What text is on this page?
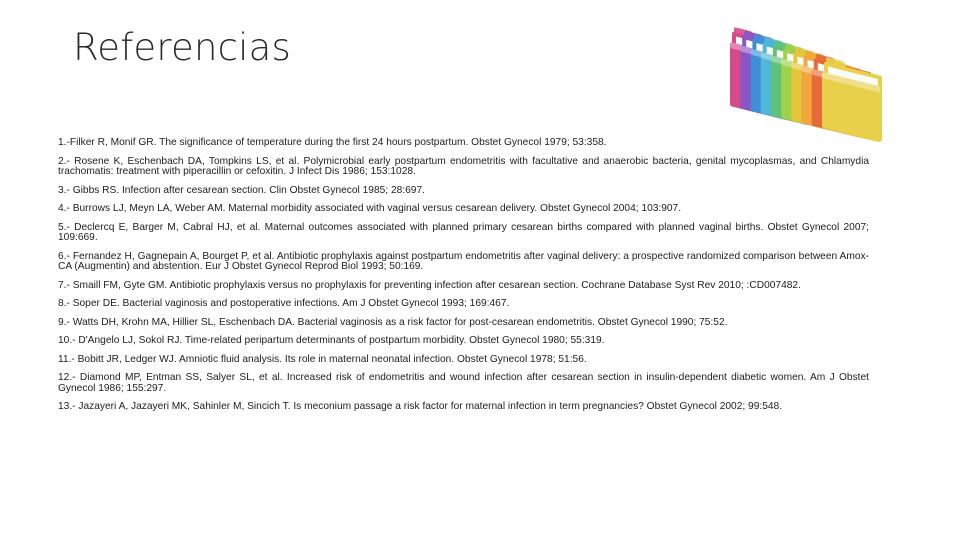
Referencias
1.-Filker R, Monif GR. The significance of temperature during the first 24 hours postpartum. Obstet Gynecol 1979; 53:358.
2.- Rosene K, Eschenbach DA, Tompkins LS, et al. Polymicrobial early postpartum endometritis with facultative and anaerobic bacteria, genital mycoplasmas, and Chlamydia trachomatis: treatment with piperacillin or cefoxitin. J Infect Dis 1986; 153:1028.
3.- Gibbs RS. Infection after cesarean section. Clin Obstet Gynecol 1985; 28:697.
4.- Burrows LJ, Meyn LA, Weber AM. Maternal morbidity associated with vaginal versus cesarean delivery. Obstet Gynecol 2004; 103:907.
5.- Declercq E, Barger M, Cabral HJ, et al. Maternal outcomes associated with planned primary cesarean births compared with planned vaginal births. Obstet Gynecol 2007; 109:669.
6.- Fernandez H, Gagnepain A, Bourget P, et al. Antibiotic prophylaxis against postpartum endometritis after vaginal delivery: a prospective randomized comparison between Amox-CA (Augmentin) and abstention. Eur J Obstet Gynecol Reprod Biol 1993; 50:169.
7.- Smaill FM, Gyte GM. Antibiotic prophylaxis versus no prophylaxis for preventing infection after cesarean section. Cochrane Database Syst Rev 2010; :CD007482.
8.- Soper DE. Bacterial vaginosis and postoperative infections. Am J Obstet Gynecol 1993; 169:467.
9.- Watts DH, Krohn MA, Hillier SL, Eschenbach DA. Bacterial vaginosis as a risk factor for post-cesarean endometritis. Obstet Gynecol 1990; 75:52.
10.- D'Angelo LJ, Sokol RJ. Time-related peripartum determinants of postpartum morbidity. Obstet Gynecol 1980; 55:319.
11.- Bobitt JR, Ledger WJ. Amniotic fluid analysis. Its role in maternal neonatal infection. Obstet Gynecol 1978; 51:56.
12.- Diamond MP, Entman SS, Salyer SL, et al. Increased risk of endometritis and wound infection after cesarean section in insulin-dependent diabetic women. Am J Obstet Gynecol 1986; 155:297.
13.- Jazayeri A, Jazayeri MK, Sahinler M, Sincich T. Is meconium passage a risk factor for maternal infection in term pregnancies? Obstet Gynecol 2002; 99:548.
